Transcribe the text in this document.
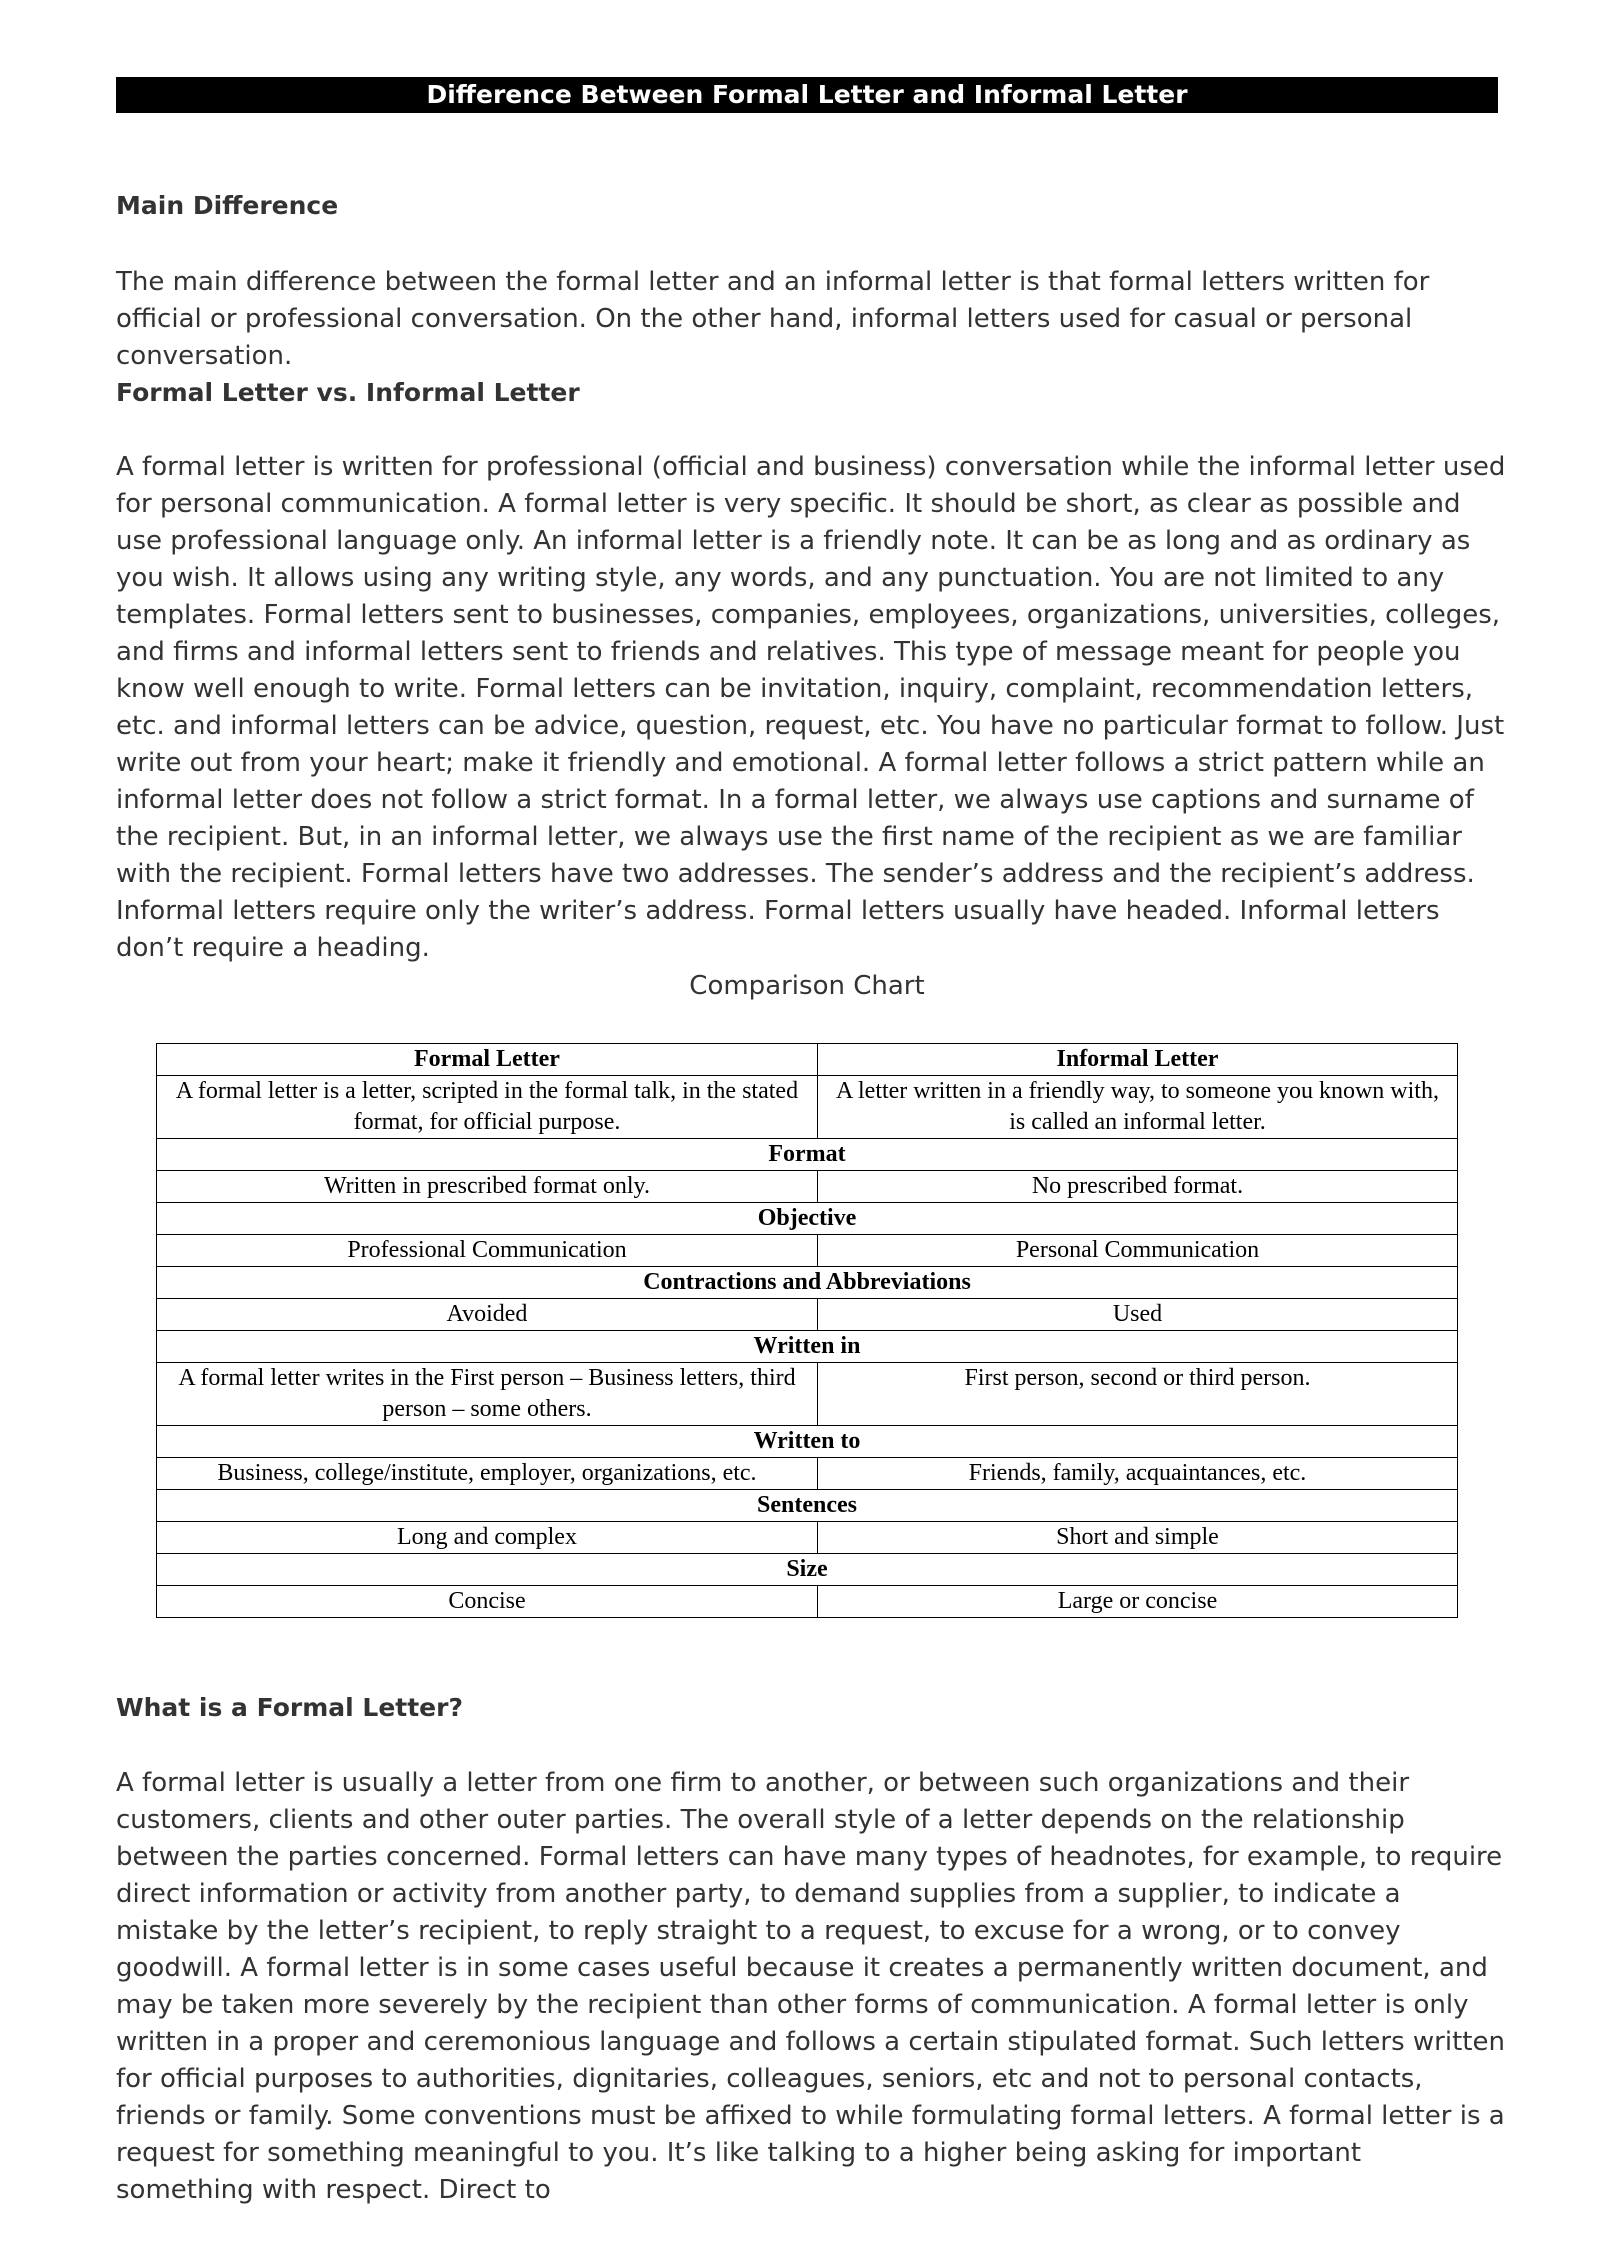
Difference Between Formal Letter and Informal Letter
Main Difference

The main difference between the formal letter and an informal letter is that formal letters written for official or professional conversation. On the other hand, informal letters used for casual or personal conversation.

Formal Letter vs. Informal Letter

A formal letter is written for professional (official and business) conversation while the informal letter used for personal communication. A formal letter is very specific. It should be short, as clear as possible and use professional language only. An informal letter is a friendly note. It can be as long and as ordinary as you wish. It allows using any writing style, any words, and any punctuation. You are not limited to any templates. Formal letters sent to businesses, companies, employees, organizations, universities, colleges, and firms and informal letters sent to friends and relatives. This type of message meant for people you know well enough to write. Formal letters can be invitation, inquiry, complaint, recommendation letters, etc. and informal letters can be advice, question, request, etc. You have no particular format to follow. Just write out from your heart; make it friendly and emotional. A formal letter follows a strict pattern while an informal letter does not follow a strict format. In a formal letter, we always use captions and surname of the recipient. But, in an informal letter, we always use the first name of the recipient as we are familiar with the recipient. Formal letters have two addresses. The sender’s address and the recipient’s address. Informal letters require only the writer’s address. Formal letters usually have headed. Informal letters don’t require a heading.

Comparison Chart
Formal Letter	Informal Letter
A formal letter is a letter, scripted in the formal talk, in the stated format, for official purpose.	A letter written in a friendly way, to someone you known with, is called an informal letter.
Format	
Written in prescribed format only.	No prescribed format.
Objective	
Professional Communication	Personal Communication
Contractions and Abbreviations	
Avoided	Used
Written in	
A formal letter writes in the First person – Business letters, third person – some others.	First person, second or third person.
Written to	
Business, college/institute, employer, organizations, etc.	Friends, family, acquaintances, etc.
Sentences	
Long and complex	Short and simple
Size	
Concise	Large or concise
What is a Formal Letter?

A formal letter is usually a letter from one firm to another, or between such organizations and their customers, clients and other outer parties. The overall style of a letter depends on the relationship between the parties concerned. Formal letters can have many types of headnotes, for example, to require direct information or activity from another party, to demand supplies from a supplier, to indicate a mistake by the letter’s recipient, to reply straight to a request, to excuse for a wrong, or to convey goodwill. A formal letter is in some cases useful because it creates a permanently written document, and may be taken more severely by the recipient than other forms of communication. A formal letter is only written in a proper and ceremonious language and follows a certain stipulated format. Such letters written for official purposes to authorities, dignitaries, colleagues, seniors, etc and not to personal contacts, friends or family. Some conventions must be affixed to while formulating formal letters. A formal letter is a request for something meaningful to you. It’s like talking to a higher being asking for important something with respect. Direct to
